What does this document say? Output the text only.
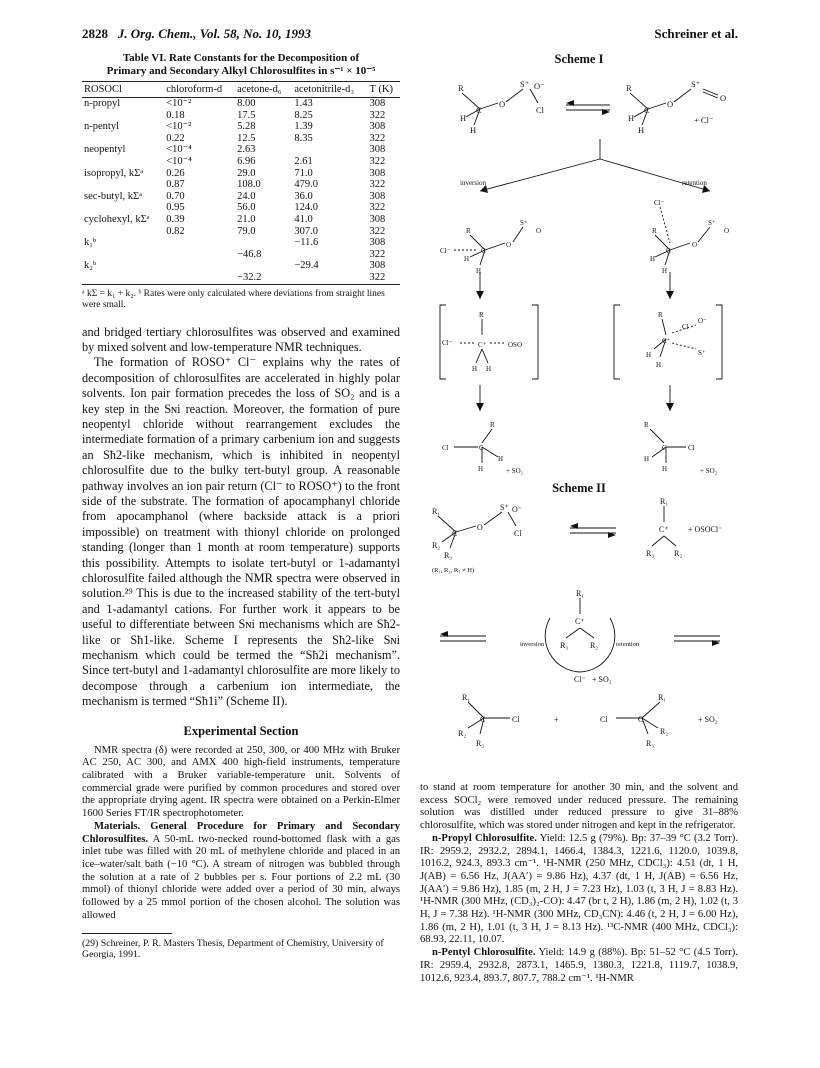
2828 J. Org. Chem., Vol. 58, No. 10, 1993	Schreiner et al.
Table VI. Rate Constants for the Decomposition of
Primary and Secondary Alkyl Chlorosulfites in s⁻¹ × 10⁻⁵
ROSOCl	chloroform-d	acetone-d₆	acetonitrile-d₃	T (K)
n-propyl	<10⁻²	8.00	1.43	308
	0.18	17.5	8.25	322
n-pentyl	<10⁻²	5.28	1.39	308
	0.22	12.5	8.35	322
neopentyl	<10⁻⁴	2.63		308
	<10⁻⁴	6.96	2.61	322
isopropyl, kΣᵃ	0.26	29.0	71.0	308
	0.87	108.0	479.0	322
sec-butyl, kΣᵃ	0.70	24.0	36.0	308
	0.95	56.0	124.0	322
cyclohexyl, kΣᵃ	0.39	21.0	41.0	308
	0.82	79.0	307.0	322
k₁ᵇ			−11.6	308
		−46.8		322
k₂ᵇ			−29.4	308
		−32.2		322
ᵃ kΣ = k₁ + k₂. ᵇ Rates were only calculated where deviations from straight lines were small.

and bridged tertiary chlorosulfites was observed and examined by mixed solvent and low-temperature NMR techniques.

The formation of ROSO⁺ Cl⁻ explains why the rates of decomposition of chlorosulfites are accelerated in highly polar solvents. Ion pair formation precedes the loss of SO₂ and is a key step in the Sɴi reaction. Moreover, the formation of pure neopentyl chloride without rearrangement excludes the intermediate formation of a primary carbenium ion and suggests an Sħ2-like mechanism, which is inhibited in neopentyl chlorosulfite due to the bulky tert-butyl group. A reasonable pathway involves an ion pair return (Cl⁻ to ROSO⁺) to the front side of the substrate. The formation of apocamphanyl chloride from apocamphanol (where backside attack is a priori impossible) on treatment with thionyl chloride on prolonged standing (longer than 1 month at room temperature) supports this possibility. Attempts to isolate tert-butyl or 1-adamantyl chlorosulfite failed although the NMR spectra were observed in solution.²⁹ This is due to the increased stability of the tert-butyl and 1-adamantyl cations. For further work it appears to be useful to differentiate between Sɴi mechanisms which are Sħ2-like or Sħ1-like. Scheme I represents the Sħ2-like Sɴi mechanism which could be termed the “Sħ2i mechanism”. Since tert-butyl and 1-adamantyl chlorosulfite are more likely to decompose through a carbenium ion intermediate, the mechanism is termed “Sħ1i” (Scheme II).

Experimental Section

NMR spectra (δ) were recorded at 250, 300, or 400 MHz with Bruker AC 250, AC 300, and AMX 400 high-field instruments, temperature calibrated with a Bruker variable-temperature unit. Solvents of commercial grade were purified by common procedures and stored over the appropriate drying agent. IR spectra were obtained on a Perkin-Elmer 1600 Series FT/IR spectrophotometer.

Materials. General Procedure for Primary and Secondary Chlorosulfites. A 50-mL two-necked round-bottomed flask with a gas inlet tube was filled with 20 mL of methylene chloride and placed in an ice–water/salt bath (−10 °C). A stream of nitrogen was bubbled through the solution at a rate of 2 bubbles per s. Four portions of 2.2 mL (30 mmol) of thionyl chloride were added over a period of 30 min, always followed by a 25 mmol portion of the chosen alcohol. The solution was allowed

(29) Schreiner, P. R. Masters Thesis, Department of Chemistry, University of Georgia, 1991.
Scheme I
R
C
O
S⁺ O⁻
Cl
H
H
R
C
O
S⁺
O
H
H
+ Cl⁻
inversion	retention
Cl⁻	C⁺	OSO
R
H H
R
C⁺
Cl
O⁻
S⁺
H
H
Cl⁻
R
C
O
S⁺
O
H
H
R
C
O
S⁺
O
Cl⁻
H
H
Cl	C
R
H
H	+ SO₂
R
C	Cl
H
H	+ SO₂
Scheme II
R₁
C
O
S⁺ O⁻
Cl
R₂
R₃
R₁
C⁺
R₃ R₂
+ OSOCl⁻
R₁
C⁺
R₃	R₂
Cl⁻ + SO₂
R₁
C	Cl
R₂
R₃
+	Cl	C
R₁
R₂
R₃
+ SO₂
(R₁, R₂, R₃ ≠ H)
inversion	retention

to stand at room temperature for another 30 min, and the solvent and excess SOCl₂ were removed under reduced pressure. The remaining solution was distilled under reduced pressure to give 31–88% chlorosulfite, which was stored under nitrogen and kept in the refrigerator.

n-Propyl Chlorosulfite. Yield: 12.5 g (79%). Bp: 37–39 °C (3.2 Torr). IR: 2959.2, 2932.2, 2894.1, 1466.4, 1384.3, 1221.6, 1120.0, 1039.8, 1016.2, 924.3, 893.3 cm⁻¹. ¹H-NMR (250 MHz, CDCl₃): 4.51 (dt, 1 H, J(AB) = 6.56 Hz, J(AA′) = 9.86 Hz), 4.37 (dt, 1 H, J(AB) = 6.56 Hz, J(AA′) = 9.86 Hz), 1.85 (m, 2 H, J = 7.23 Hz), 1.03 (t, 3 H, J = 8.83 Hz). ¹H-NMR (300 MHz, (CD₃)₂-CO): 4.47 (br t, 2 H), 1.86 (m, 2 H), 1.02 (t, 3 H, J = 7.38 Hz). ¹H-NMR (300 MHz, CD₃CN): 4.46 (t, 2 H, J = 6.00 Hz), 1.86 (m, 2 H), 1.01 (t, 3 H, J = 8.13 Hz). ¹³C-NMR (400 MHz, CDCl₃): 68.93, 22.11, 10.07.

n-Pentyl Chlorosulfite. Yield: 14.9 g (88%). Bp: 51–52 °C (4.5 Torr). IR: 2959.4, 2932.8, 2873.1, 1465.9, 1380.3, 1221.8, 1119.7, 1038.9, 1012.6, 923.4, 893.7, 807.7, 788.2 cm⁻¹. ¹H-NMR
